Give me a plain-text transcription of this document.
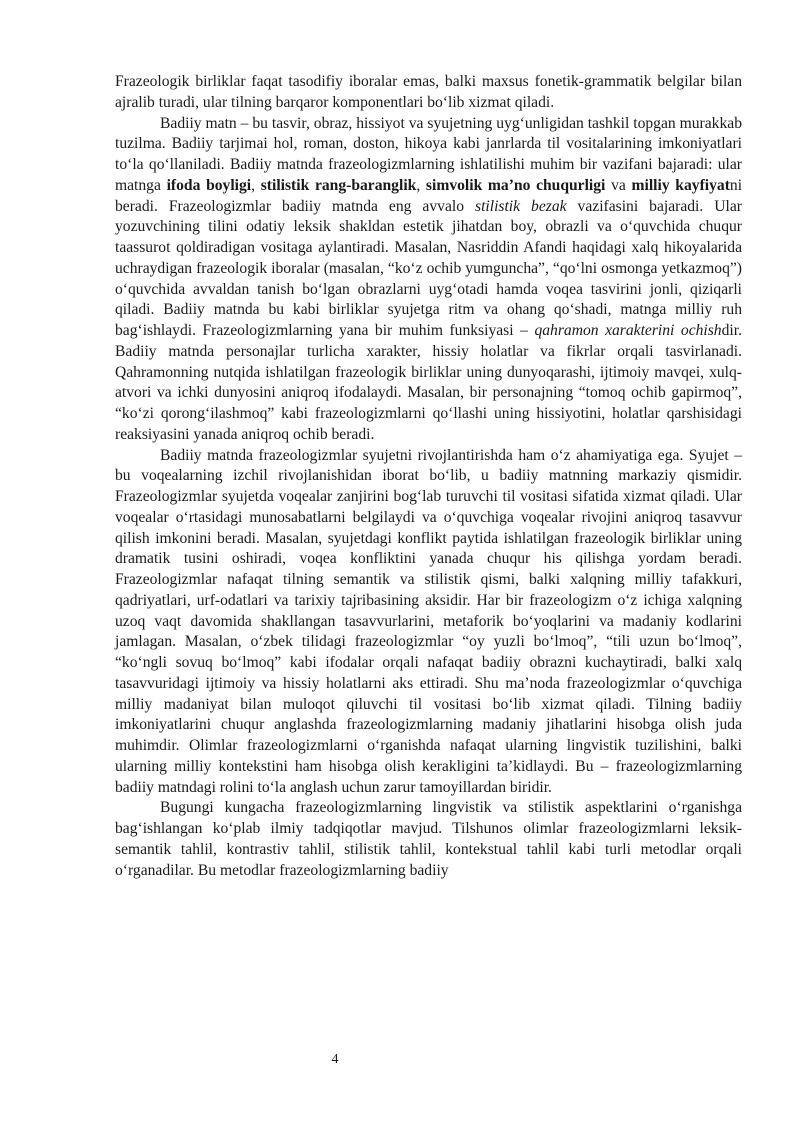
Frazeologik birliklar faqat tasodifiy iboralar emas, balki maxsus fonetik-grammatik belgilar bilan ajralib turadi, ular tilning barqaror komponentlari bo‘lib xizmat qiladi.

Badiiy matn – bu tasvir, obraz, hissiyot va syujetning uyg‘unligidan tashkil topgan murakkab tuzilma. Badiiy tarjimai hol, roman, doston, hikoya kabi janrlarda til vositalarining imkoniyatlari to‘la qo‘llaniladi. Badiiy matnda frazeologizmlarning ishlatilishi muhim bir vazifani bajaradi: ular matnga ifoda boyligi, stilistik rang-baranglik, simvolik ma’no chuqurligi va milliy kayfiyatni beradi. Frazeologizmlar badiiy matnda eng avvalo stilistik bezak vazifasini bajaradi. Ular yozuvchining tilini odatiy leksik shakldan estetik jihatdan boy, obrazli va o‘quvchida chuqur taassurot qoldiradigan vositaga aylantiradi. Masalan, Nasriddin Afandi haqidagi xalq hikoyalarida uchraydigan frazeologik iboralar (masalan, “ko‘z ochib yumguncha”, “qo‘lni osmonga yetkazmoq”) o‘quvchida avvaldan tanish bo‘lgan obrazlarni uyg‘otadi hamda voqea tasvirini jonli, qiziqarli qiladi. Badiiy matnda bu kabi birliklar syujetga ritm va ohang qo‘shadi, matnga milliy ruh bag‘ishlaydi. Frazeologizmlarning yana bir muhim funksiyasi – qahramon xarakterini ochishdir. Badiiy matnda personajlar turlicha xarakter, hissiy holatlar va fikrlar orqali tasvirlanadi. Qahramonning nutqida ishlatilgan frazeologik birliklar uning dunyoqarashi, ijtimoiy mavqei, xulq-atvori va ichki dunyosini aniqroq ifodalaydi. Masalan, bir personajning “tomoq ochib gapirmoq”, “ko‘zi qorong‘ilashmoq” kabi frazeologizmlarni qo‘llashi uning hissiyotini, holatlar qarshisidagi reaksiyasini yanada aniqroq ochib beradi.

Badiiy matnda frazeologizmlar syujetni rivojlantirishda ham o‘z ahamiyatiga ega. Syujet – bu voqealarning izchil rivojlanishidan iborat bo‘lib, u badiiy matnning markaziy qismidir. Frazeologizmlar syujetda voqealar zanjirini bog‘lab turuvchi til vositasi sifatida xizmat qiladi. Ular voqealar o‘rtasidagi munosabatlarni belgilaydi va o‘quvchiga voqealar rivojini aniqroq tasavvur qilish imkonini beradi. Masalan, syujetdagi konflikt paytida ishlatilgan frazeologik birliklar uning dramatik tusini oshiradi, voqea konfliktini yanada chuqur his qilishga yordam beradi. Frazeologizmlar nafaqat tilning semantik va stilistik qismi, balki xalqning milliy tafakkuri, qadriyatlari, urf-odatlari va tarixiy tajribasining aksidir. Har bir frazeologizm o‘z ichiga xalqning uzoq vaqt davomida shakllangan tasavvurlarini, metaforik bo‘yoqlarini va madaniy kodlarini jamlagan. Masalan, o‘zbek tilidagi frazeologizmlar “oy yuzli bo‘lmoq”, “tili uzun bo‘lmoq”, “ko‘ngli sovuq bo‘lmoq” kabi ifodalar orqali nafaqat badiiy obrazni kuchaytiradi, balki xalq tasavvuridagi ijtimoiy va hissiy holatlarni aks ettiradi. Shu ma’noda frazeologizmlar o‘quvchiga milliy madaniyat bilan muloqot qiluvchi til vositasi bo‘lib xizmat qiladi. Tilning badiiy imkoniyatlarini chuqur anglashda frazeologizmlarning madaniy jihatlarini hisobga olish juda muhimdir. Olimlar frazeologizmlarni o‘rganishda nafaqat ularning lingvistik tuzilishini, balki ularning milliy kontekstini ham hisobga olish kerakligini ta’kidlaydi. Bu – frazeologizmlarning badiiy matndagi rolini to‘la anglash uchun zarur tamoyillardan biridir.

Bugungi kungacha frazeologizmlarning lingvistik va stilistik aspektlarini o‘rganishga bag‘ishlangan ko‘plab ilmiy tadqiqotlar mavjud. Tilshunos olimlar frazeologizmlarni leksik-semantik tahlil, kontrastiv tahlil, stilistik tahlil, kontekstual tahlil kabi turli metodlar orqali o‘rganadilar. Bu metodlar frazeologizmlarning badiiy

4
